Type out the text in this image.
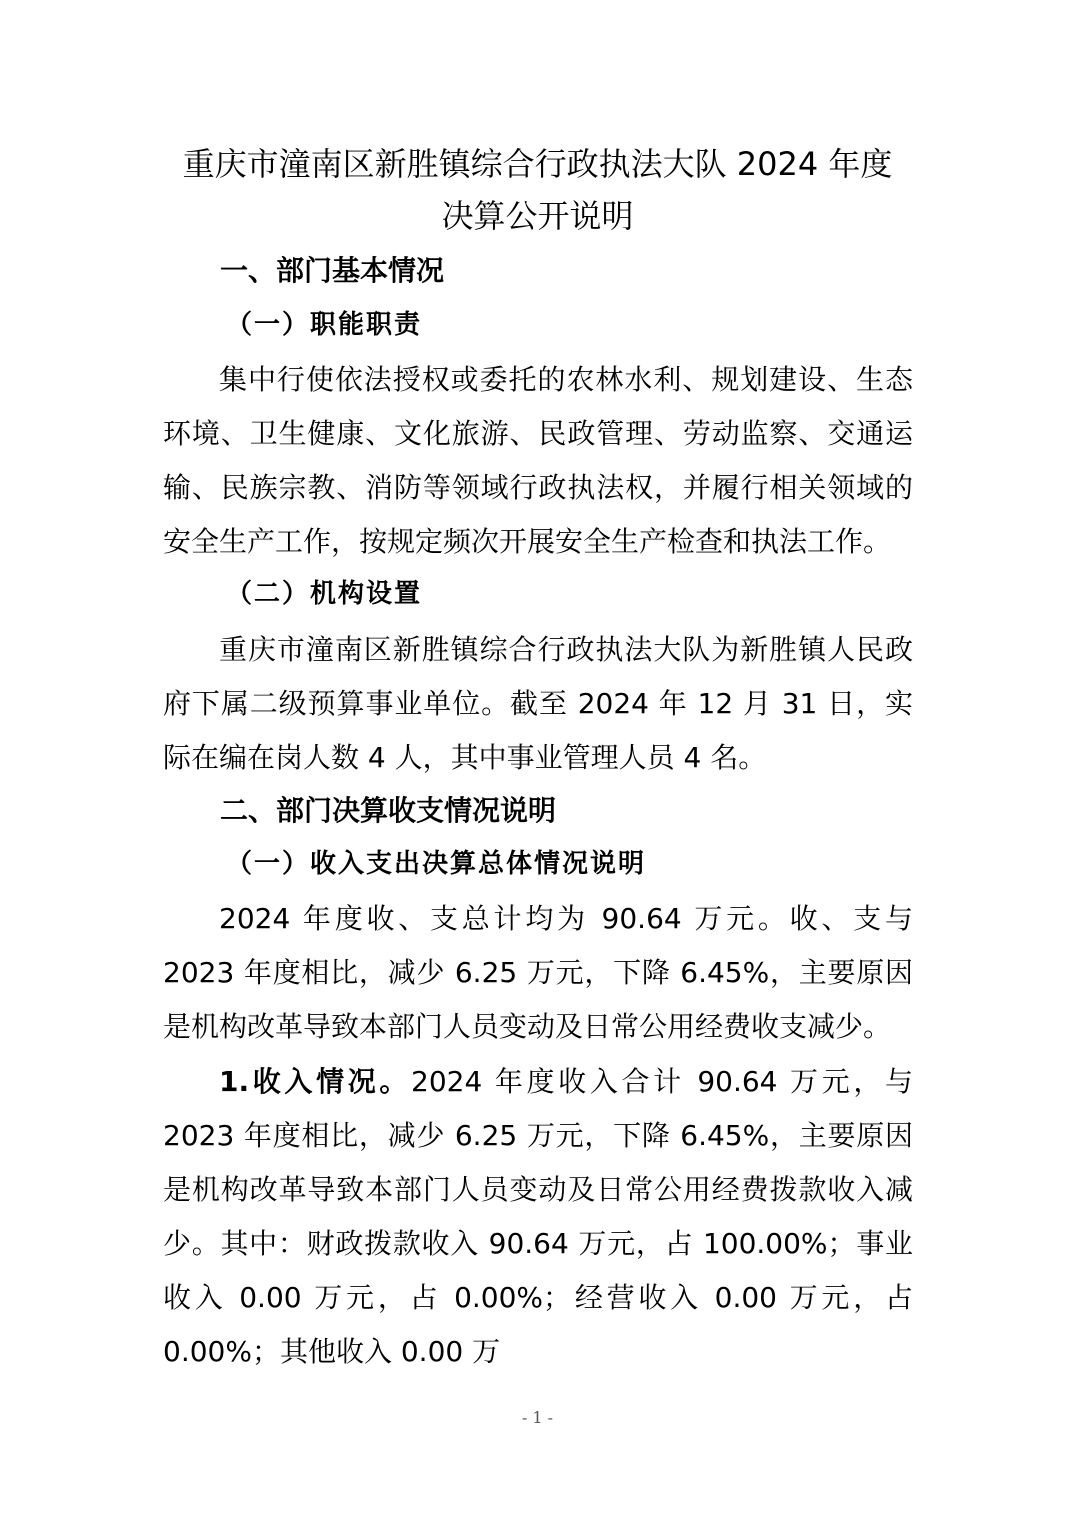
重庆市潼南区新胜镇综合行政执法大队 2024 年度
决算公开说明
一、部门基本情况
（一）职能职责
集中行使依法授权或委托的农林水利、规划建设、生态环境、卫生健康、文化旅游、民政管理、劳动监察、交通运输、民族宗教、消防等领域行政执法权，并履行相关领域的安全生产工作，按规定频次开展安全生产检查和执法工作。
（二）机构设置
重庆市潼南区新胜镇综合行政执法大队为新胜镇人民政府下属二级预算事业单位。截至 2024 年 12 月 31 日，实际在编在岗人数 4 人，其中事业管理人员 4 名。
二、部门决算收支情况说明
（一）收入支出决算总体情况说明
2024 年度收、支总计均为 90.64 万元。收、支与 2023 年度相比，减少 6.25 万元，下降 6.45%，主要原因是机构改革导致本部门人员变动及日常公用经费收支减少。
1.收入情况。2024 年度收入合计 90.64 万元，与 2023 年度相比，减少 6.25 万元，下降 6.45%，主要原因是机构改革导致本部门人员变动及日常公用经费拨款收入减少。其中：财政拨款收入 90.64 万元，占 100.00%；事业收入 0.00 万元，占 0.00%；经营收入 0.00 万元，占 0.00%；其他收入 0.00 万
- 1 -
